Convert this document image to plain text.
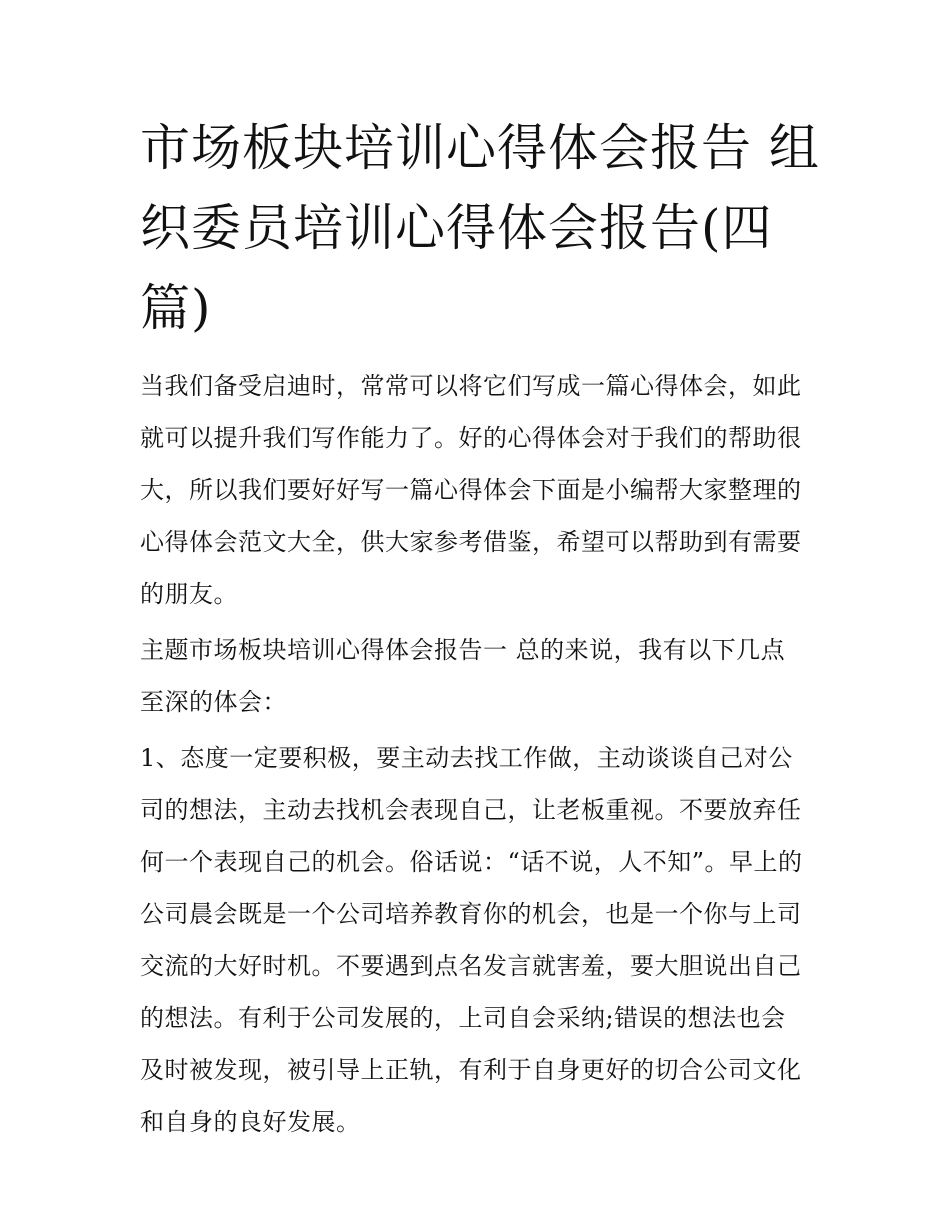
市场板块培训心得体会报告 组
织委员培训心得体会报告(四
篇)

当我们备受启迪时，常常可以将它们写成一篇心得体会，如此
就可以提升我们写作能力了。好的心得体会对于我们的帮助很
大，所以我们要好好写一篇心得体会下面是小编帮大家整理的
心得体会范文大全，供大家参考借鉴，希望可以帮助到有需要
的朋友。

主题市场板块培训心得体会报告一 总的来说，我有以下几点
至深的体会：

1、态度一定要积极，要主动去找工作做，主动谈谈自己对公
司的想法，主动去找机会表现自己，让老板重视。不要放弃任
何一个表现自己的机会。俗话说：“话不说，人不知”。早上的
公司晨会既是一个公司培养教育你的机会，也是一个你与上司
交流的大好时机。不要遇到点名发言就害羞，要大胆说出自己
的想法。有利于公司发展的，上司自会采纳;错误的想法也会
及时被发现，被引导上正轨，有利于自身更好的切合公司文化
和自身的良好发展。
